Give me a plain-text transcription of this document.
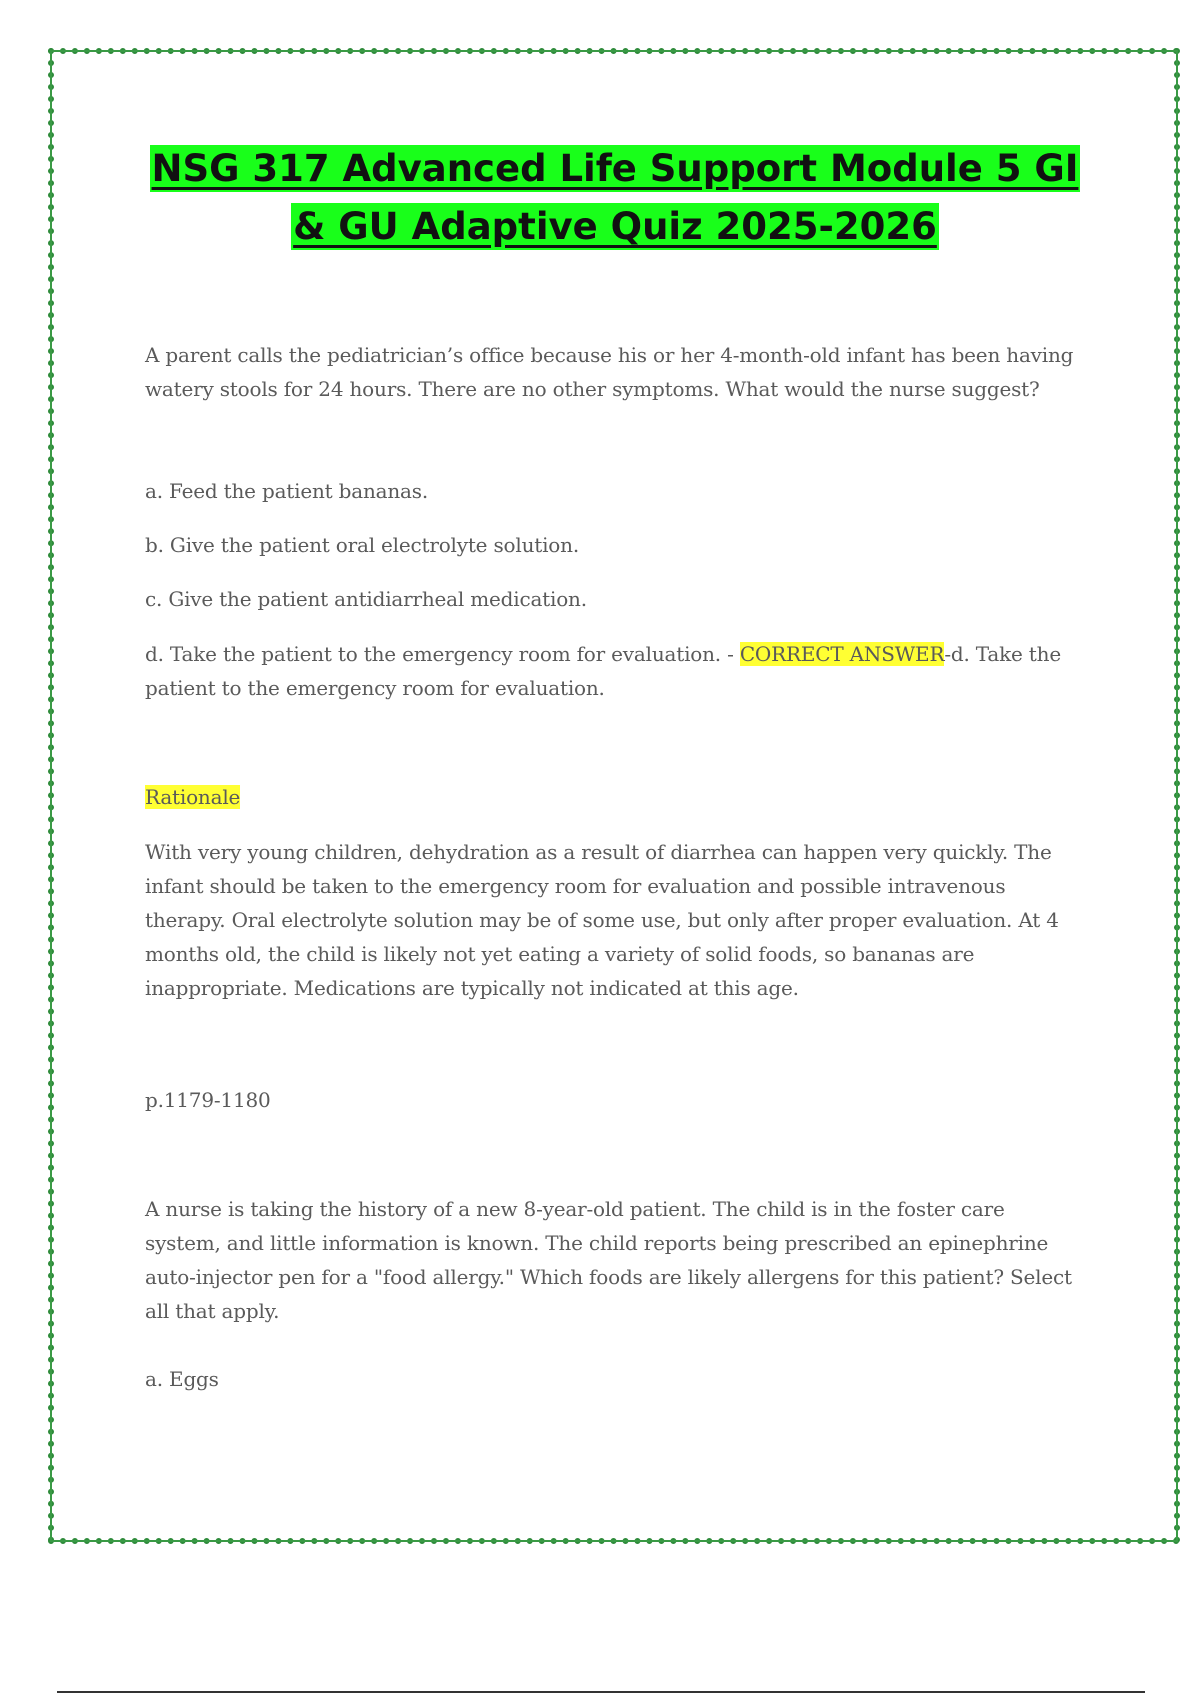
NSG 317 Advanced Life Support Module 5 GI & GU Adaptive Quiz 2025-2026

A parent calls the pediatrician’s office because his or her 4-month-old infant has been having watery stools for 24 hours. There are no other symptoms. What would the nurse suggest?

a. Feed the patient bananas.

b. Give the patient oral electrolyte solution.

c. Give the patient antidiarrheal medication.

d. Take the patient to the emergency room for evaluation. - CORRECT ANSWER-d. Take the patient to the emergency room for evaluation.

Rationale

With very young children, dehydration as a result of diarrhea can happen very quickly. The infant should be taken to the emergency room for evaluation and possible intravenous therapy. Oral electrolyte solution may be of some use, but only after proper evaluation. At 4 months old, the child is likely not yet eating a variety of solid foods, so bananas are inappropriate. Medications are typically not indicated at this age.

p.1179-1180

A nurse is taking the history of a new 8-year-old patient. The child is in the foster care system, and little information is known. The child reports being prescribed an epinephrine auto-injector pen for a "food allergy." Which foods are likely allergens for this patient? Select all that apply.

a. Eggs
